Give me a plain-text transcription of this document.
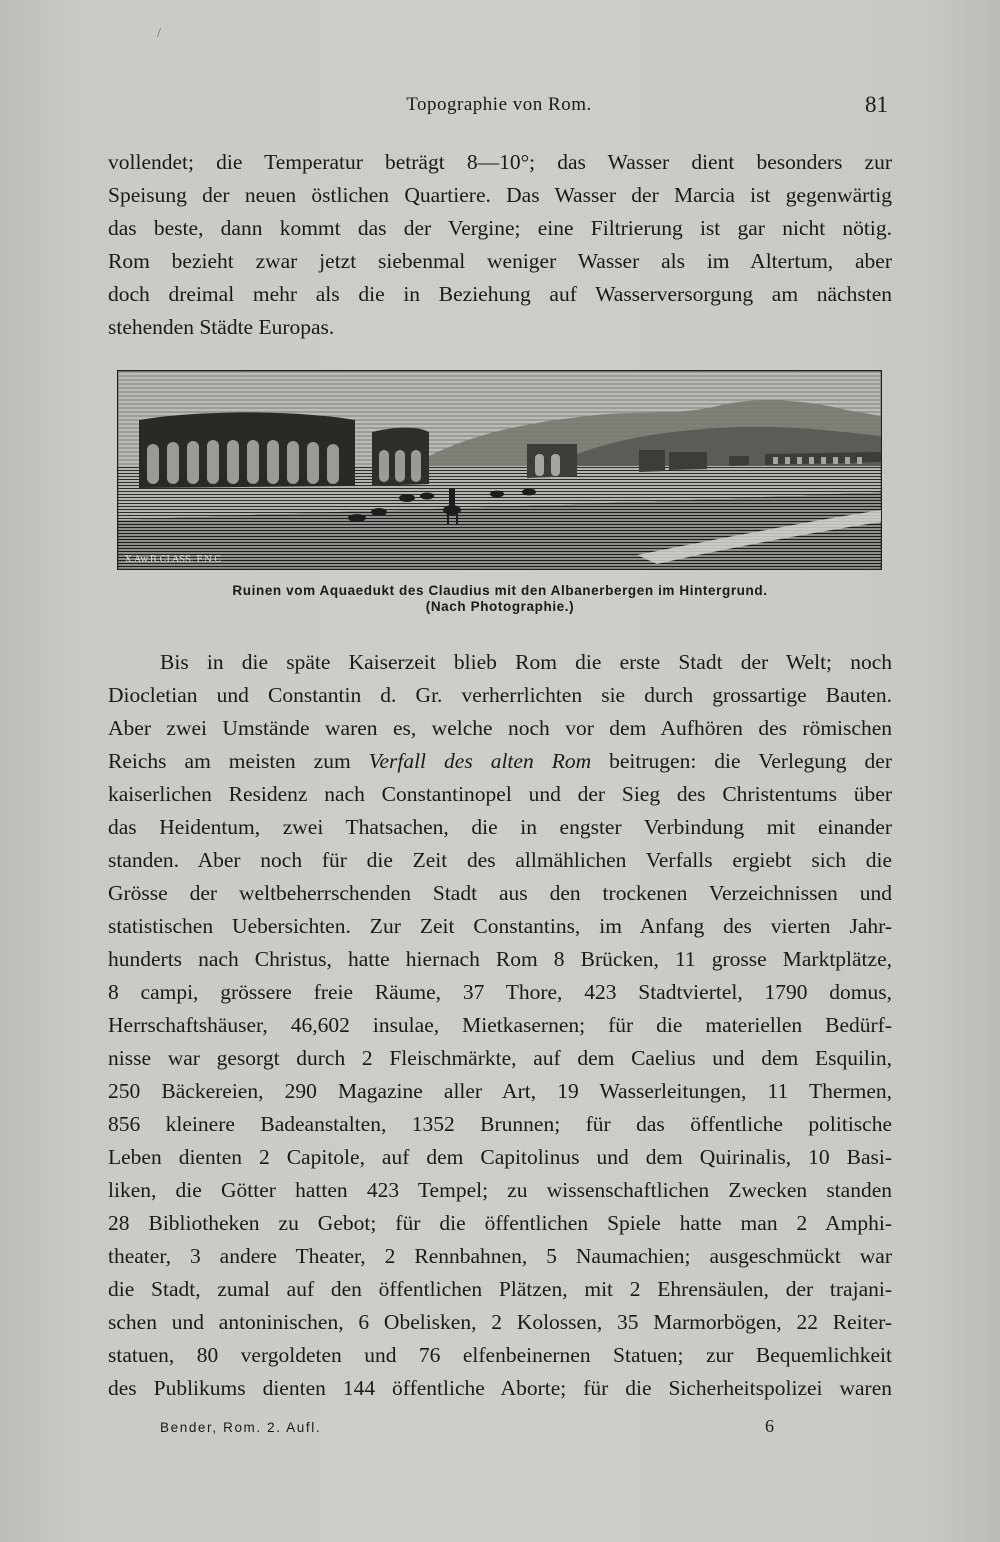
/
Topographie von Rom.	81
vollendet; die Temperatur beträgt 8—10°; das Wasser dient besonders zur
Speisung der neuen östlichen Quartiere. Das Wasser der Marcia ist gegenwärtig
das beste, dann kommt das der Vergine; eine Filtrierung ist gar nicht nötig.
Rom bezieht zwar jetzt siebenmal weniger Wasser als im Altertum, aber
doch dreimal mehr als die in Beziehung auf Wasserversorgung am nächsten
stehenden Städte Europas.
X.Aw.R.CLASS. F.N.C
Ruinen vom Aquaedukt des Claudius mit den Albanerbergen im Hintergrund.
(Nach Photographie.)
Bis in die späte Kaiserzeit blieb Rom die erste Stadt der Welt; noch
Diocletian und Constantin d. Gr. verherrlichten sie durch grossartige Bauten.
Aber zwei Umstände waren es, welche noch vor dem Aufhören des römischen
Reichs am meisten zum Verfall des alten Rom beitrugen: die Verlegung der
kaiserlichen Residenz nach Constantinopel und der Sieg des Christentums über
das Heidentum, zwei Thatsachen, die in engster Verbindung mit einander
standen. Aber noch für die Zeit des allmählichen Verfalls ergiebt sich die
Grösse der weltbeherrschenden Stadt aus den trockenen Verzeichnissen und
statistischen Uebersichten. Zur Zeit Constantins, im Anfang des vierten Jahr-
hunderts nach Christus, hatte hiernach Rom 8 Brücken, 11 grosse Marktplätze,
8 campi, grössere freie Räume, 37 Thore, 423 Stadtviertel, 1790 domus,
Herrschaftshäuser, 46,602 insulae, Mietkasernen; für die materiellen Bedürf-
nisse war gesorgt durch 2 Fleischmärkte, auf dem Caelius und dem Esquilin,
250 Bäckereien, 290 Magazine aller Art, 19 Wasserleitungen, 11 Thermen,
856 kleinere Badeanstalten, 1352 Brunnen; für das öffentliche politische
Leben dienten 2 Capitole, auf dem Capitolinus und dem Quirinalis, 10 Basi-
liken, die Götter hatten 423 Tempel; zu wissenschaftlichen Zwecken standen
28 Bibliotheken zu Gebot; für die öffentlichen Spiele hatte man 2 Amphi-
theater, 3 andere Theater, 2 Rennbahnen, 5 Naumachien; ausgeschmückt war
die Stadt, zumal auf den öffentlichen Plätzen, mit 2 Ehrensäulen, der trajani-
schen und antoninischen, 6 Obelisken, 2 Kolossen, 35 Marmorbögen, 22 Reiter-
statuen, 80 vergoldeten und 76 elfenbeinernen Statuen; zur Bequemlichkeit
des Publikums dienten 144 öffentliche Aborte; für die Sicherheitspolizei waren
Bender, Rom. 2. Aufl.	6
